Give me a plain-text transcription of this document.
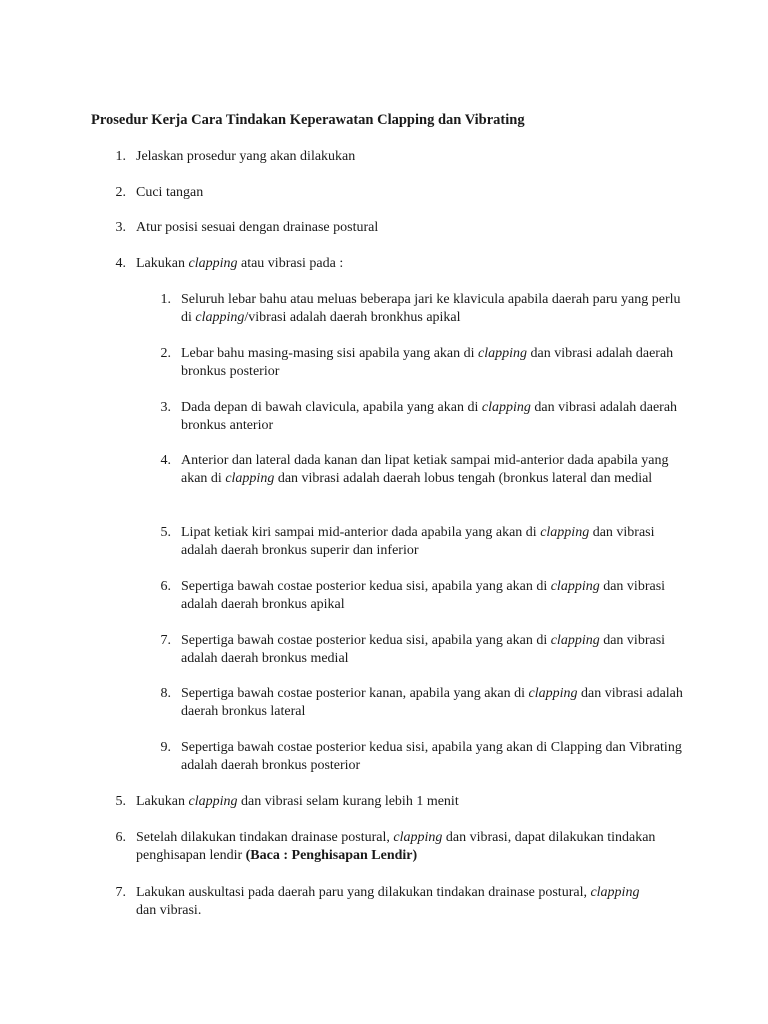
Prosedur Kerja Cara Tindakan Keperawatan Clapping dan Vibrating
1. Jelaskan prosedur yang akan dilakukan
2. Cuci tangan
3. Atur posisi sesuai dengan drainase postural
4. Lakukan clapping atau vibrasi pada :
1. Seluruh lebar bahu atau meluas beberapa jari ke klavicula apabila daerah paru yang perlu di clapping/vibrasi adalah daerah bronkhus apikal
2. Lebar bahu masing-masing sisi apabila yang akan di clapping dan vibrasi adalah daerah bronkus posterior
3. Dada depan di bawah clavicula, apabila yang akan di clapping dan vibrasi adalah daerah bronkus anterior
4. Anterior dan lateral dada kanan dan lipat ketiak sampai mid-anterior dada apabila yang akan di clapping dan vibrasi adalah daerah lobus tengah (bronkus lateral dan medial
5. Lipat ketiak kiri sampai mid-anterior dada apabila yang akan di clapping dan vibrasi adalah daerah bronkus superir dan inferior
6. Sepertiga bawah costae posterior kedua sisi, apabila yang akan di clapping dan vibrasi adalah daerah bronkus apikal
7. Sepertiga bawah costae posterior kedua sisi, apabila yang akan di clapping dan vibrasi adalah daerah bronkus medial
8. Sepertiga bawah costae posterior kanan, apabila yang akan di clapping dan vibrasi adalah daerah bronkus lateral
9. Sepertiga bawah costae posterior kedua sisi, apabila yang akan di Clapping dan Vibrating adalah daerah bronkus posterior
5. Lakukan clapping dan vibrasi selam kurang lebih 1 menit
6. Setelah dilakukan tindakan drainase postural, clapping dan vibrasi, dapat dilakukan tindakan penghisapan lendir (Baca : Penghisapan Lendir)
7. Lakukan auskultasi pada daerah paru yang dilakukan tindakan drainase postural, clapping dan vibrasi.
